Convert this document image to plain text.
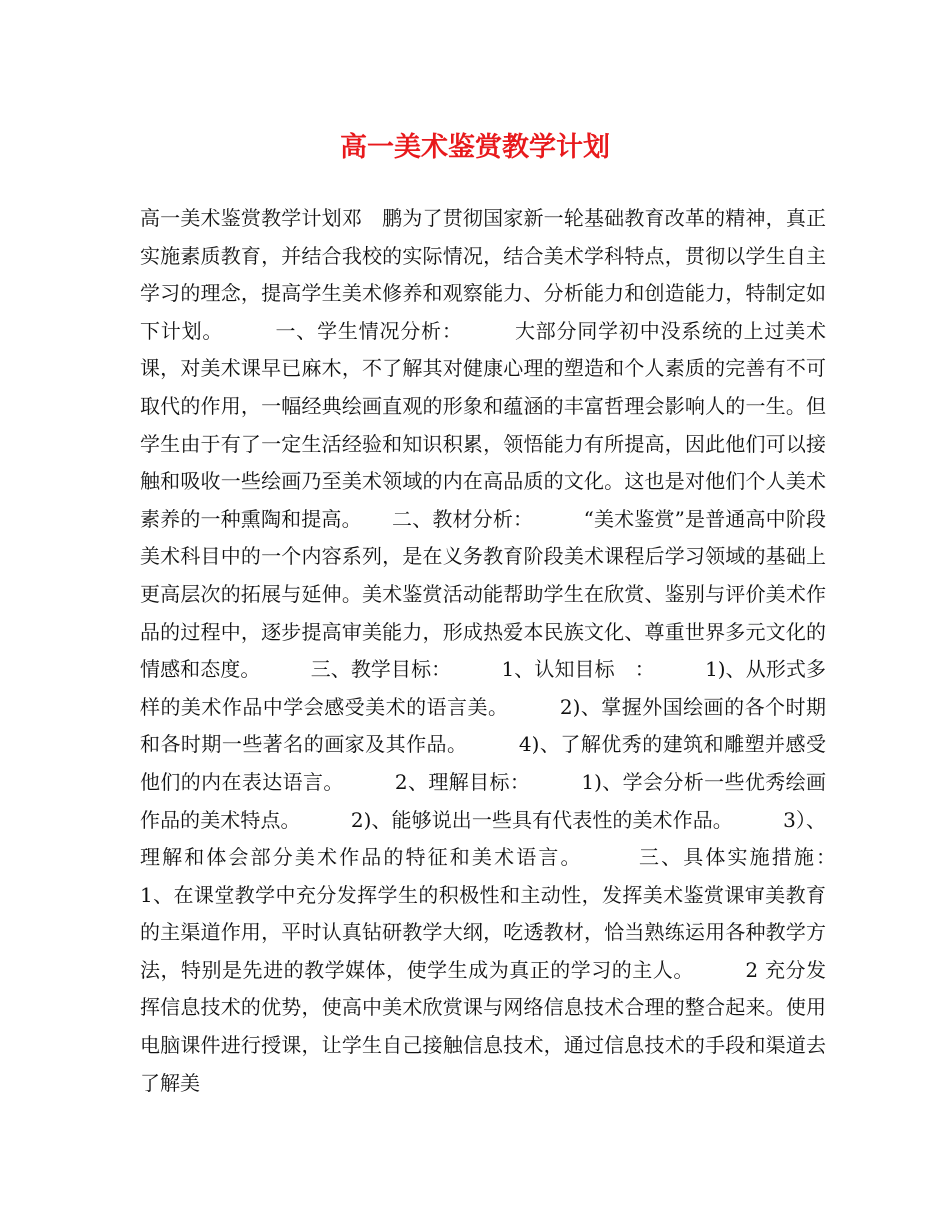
高一美术鉴赏教学计划

高一美术鉴赏教学计划邓　鹏为了贯彻国家新一轮基础教育改革的精神，真正实施素质教育，并结合我校的实际情况，结合美术学科特点，贯彻以学生自主学习的理念，提高学生美术修养和观察能力、分析能力和创造能力，特制定如下计划。　　　一、学生情况分析：　　　大部分同学初中没系统的上过美术课，对美术课早已麻木，不了解其对健康心理的塑造和个人素质的完善有不可取代的作用，一幅经典绘画直观的形象和蕴涵的丰富哲理会影响人的一生。但学生由于有了一定生活经验和知识积累，领悟能力有所提高，因此他们可以接触和吸收一些绘画乃至美术领域的内在高品质的文化。这也是对他们个人美术素养的一种熏陶和提高。　　二、教材分析：　　　“美术鉴赏”是普通高中阶段美术科目中的一个内容系列，是在义务教育阶段美术课程后学习领域的基础上更高层次的拓展与延伸。美术鉴赏活动能帮助学生在欣赏、鉴别与评价美术作品的过程中，逐步提高审美能力，形成热爱本民族文化、尊重世界多元文化的情感和态度。　　　三、教学目标：　　　1、认知目标　：　　　1)、从形式多样的美术作品中学会感受美术的语言美。　　　2)、掌握外国绘画的各个时期和各时期一些著名的画家及其作品。　　　4)、了解优秀的建筑和雕塑并感受他们的内在表达语言。　　　2、理解目标：　　　1)、学会分析一些优秀绘画作品的美术特点。　　　2)、能够说出一些具有代表性的美术作品。　　　3）、理解和体会部分美术作品的特征和美术语言。　　　三、具体实施措施：　　　1、在课堂教学中充分发挥学生的积极性和主动性，发挥美术鉴赏课审美教育的主渠道作用，平时认真钻研教学大纲，吃透教材，恰当熟练运用各种教学方法，特别是先进的教学媒体，使学生成为真正的学习的主人。　　　2 充分发挥信息技术的优势，使高中美术欣赏课与网络信息技术合理的整合起来。使用电脑课件进行授课，让学生自己接触信息技术，通过信息技术的手段和渠道去了解美
